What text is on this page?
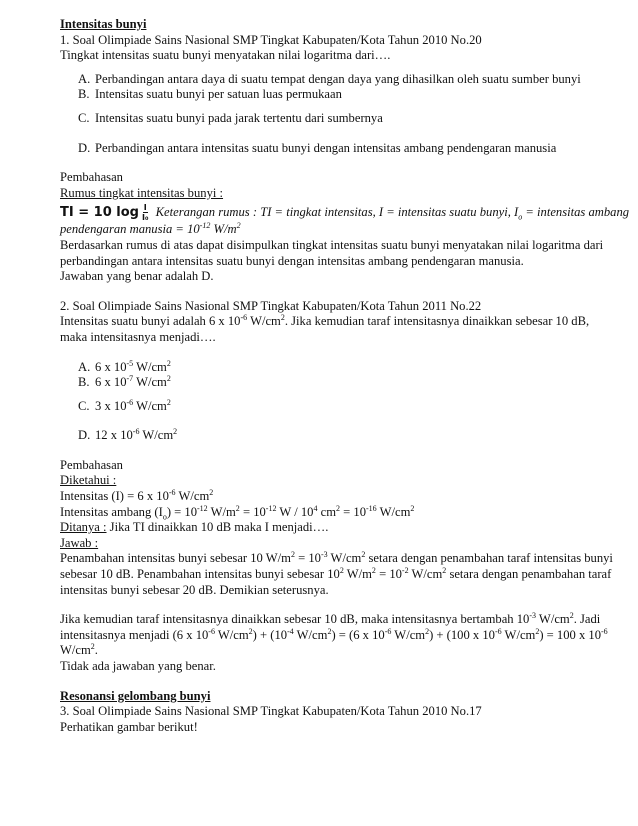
Intensitas bunyi
1. Soal Olimpiade Sains Nasional SMP Tingkat Kabupaten/Kota Tahun 2010 No.20
Tingkat intensitas suatu bunyi menyatakan nilai logaritma dari….
A. Perbandingan antara daya di suatu tempat dengan daya yang dihasilkan oleh suatu sumber bunyi
B. Intensitas suatu bunyi per satuan luas permukaan
C. Intensitas suatu bunyi pada jarak tertentu dari sumbernya
D. Perbandingan antara intensitas suatu bunyi dengan intensitas ambang pendengaran manusia
Pembahasan
Rumus tingkat intensitas bunyi :
TI = 10 $\log \frac{I}{\text{I₀}}$ Keterangan rumus : TI = tingkat intensitas, I = intensitas suatu bunyi, $I_o$ = intensitas ambang
pendengaran manusia = $10^{-12}$ $W/m^2$
Berdasarkan rumus di atas dapat disimpulkan tingkat intensitas suatu bunyi menyatakan nilai logaritma dari
perbandingan antara intensitas suatu bunyi dengan intensitas ambang pendengaran manusia.
Jawaban yang benar adalah D.
2. Soal Olimpiade Sains Nasional SMP Tingkat Kabupaten/Kota Tahun 2011 No.22
Intensitas suatu bunyi adalah 6 x $10^{-6}$ $W/cm^2$. Jika kemudian taraf intensitasnya dinaikkan sebesar 10 dB,
maka intensitasnya menjadi….
A. 6 x $10^{-5}$ $W/cm^2$
B. 6 x $10^{-7}$ $W/cm^2$
C. 3 x $10^{-6}$ $W/cm^2$
D. 12 x $10^{-6}$ $W/cm^2$
Pembahasan
Diketahui :
Intensitas (I) = 6 x $10^{-6}$ $W/cm^2$
Intensitas ambang $(I_o) = 10^{-12}$ $W/m^2 = 10^{-12}$ W / $10^4$ $cm^2 = 10^{-16}$ $W/cm^2$
Ditanya : Jika TI dinaikkan 10 dB maka I menjadi….
Jawab :
Penambahan intensitas bunyi sebesar 10 $W/m^2 = 10^{-3}$ $W/cm^2$ setara dengan penambahan taraf intensitas bunyi
sebesar 10 dB. Penambahan intensitas bunyi sebesar $10^2$ $W/m^2 = 10^{-2}$ $W/cm^2$ setara dengan penambahan taraf
intensitas bunyi sebesar 20 dB. Demikian seterusnya.
Jika kemudian taraf intensitasnya dinaikkan sebesar 10 dB, maka intensitasnya bertambah $10^{-3}$ $W/cm^2$. Jadi
intensitasnya menjadi (6 x $10^{-6}$ $W/cm^2) + (10^{-4}$ $W/cm^2) = (6$ x $10^{-6}$ $W/cm^2) + (100$ x $10^{-6}$ $W/cm^2) = 100$ x $10^{-6}$
$W/cm^2$.
Tidak ada jawaban yang benar.
Resonansi gelombang bunyi
3. Soal Olimpiade Sains Nasional SMP Tingkat Kabupaten/Kota Tahun 2010 No.17
Perhatikan gambar berikut!
